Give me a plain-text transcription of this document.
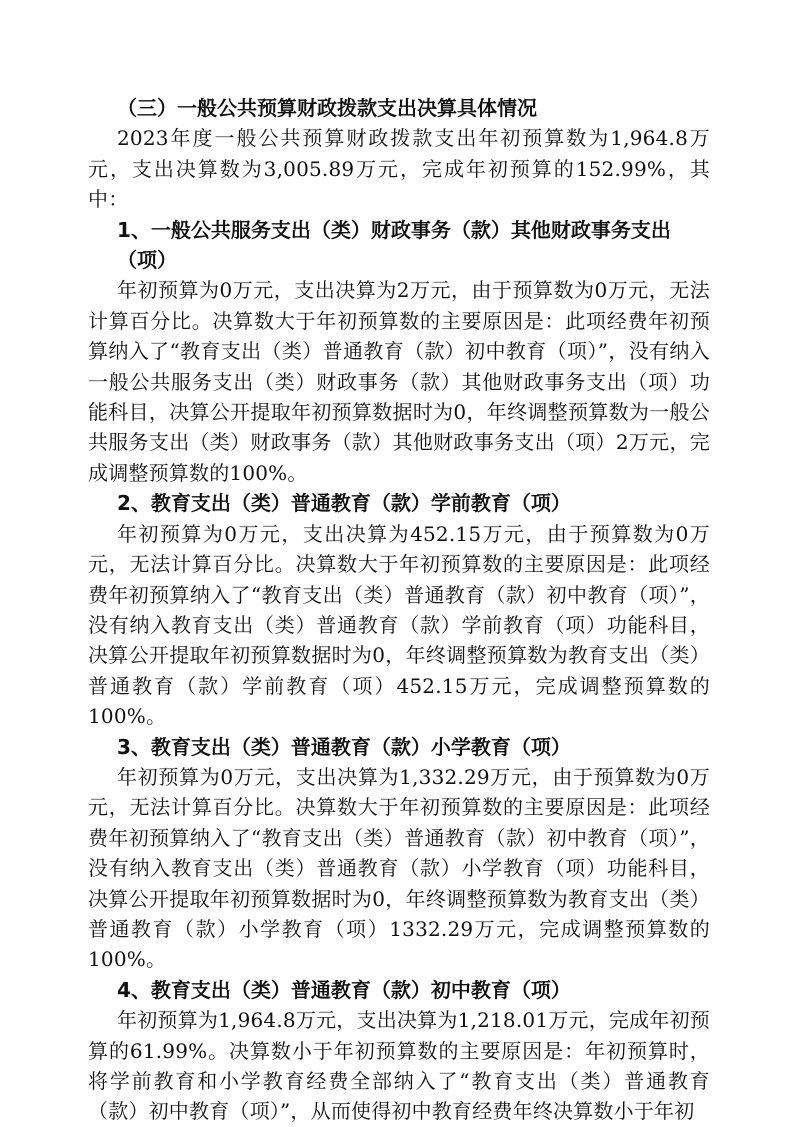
（三）一般公共预算财政拨款支出决算具体情况

2023年度一般公共预算财政拨款支出年初预算数为1,964.8万元，支出决算数为3,005.89万元，完成年初预算的152.99%，其中：

1、一般公共服务支出（类）财政事务（款）其他财政事务支出（项）

年初预算为0万元，支出决算为2万元，由于预算数为0万元，无法计算百分比。决算数大于年初预算数的主要原因是：此项经费年初预算纳入了“教育支出（类）普通教育（款）初中教育（项）”，没有纳入一般公共服务支出（类）财政事务（款）其他财政事务支出（项）功能科目，决算公开提取年初预算数据时为0，年终调整预算数为一般公共服务支出（类）财政事务（款）其他财政事务支出（项）2万元，完成调整预算数的100%。

2、教育支出（类）普通教育（款）学前教育（项）

年初预算为0万元，支出决算为452.15万元，由于预算数为0万元，无法计算百分比。决算数大于年初预算数的主要原因是：此项经费年初预算纳入了“教育支出（类）普通教育（款）初中教育（项）”，没有纳入教育支出（类）普通教育（款）学前教育（项）功能科目，决算公开提取年初预算数据时为0，年终调整预算数为教育支出（类）普通教育（款）学前教育（项）452.15万元，完成调整预算数的100%。

3、教育支出（类）普通教育（款）小学教育（项）

年初预算为0万元，支出决算为1,332.29万元，由于预算数为0万元，无法计算百分比。决算数大于年初预算数的主要原因是：此项经费年初预算纳入了“教育支出（类）普通教育（款）初中教育（项）”，没有纳入教育支出（类）普通教育（款）小学教育（项）功能科目，决算公开提取年初预算数据时为0，年终调整预算数为教育支出（类）普通教育（款）小学教育（项）1332.29万元，完成调整预算数的100%。

4、教育支出（类）普通教育（款）初中教育（项）

年初预算为1,964.8万元，支出决算为1,218.01万元，完成年初预算的61.99%。决算数小于年初预算数的主要原因是：年初预算时，将学前教育和小学教育经费全部纳入了“教育支出（类）普通教育（款）初中教育（项）”，从而使得初中教育经费年终决算数小于年初
